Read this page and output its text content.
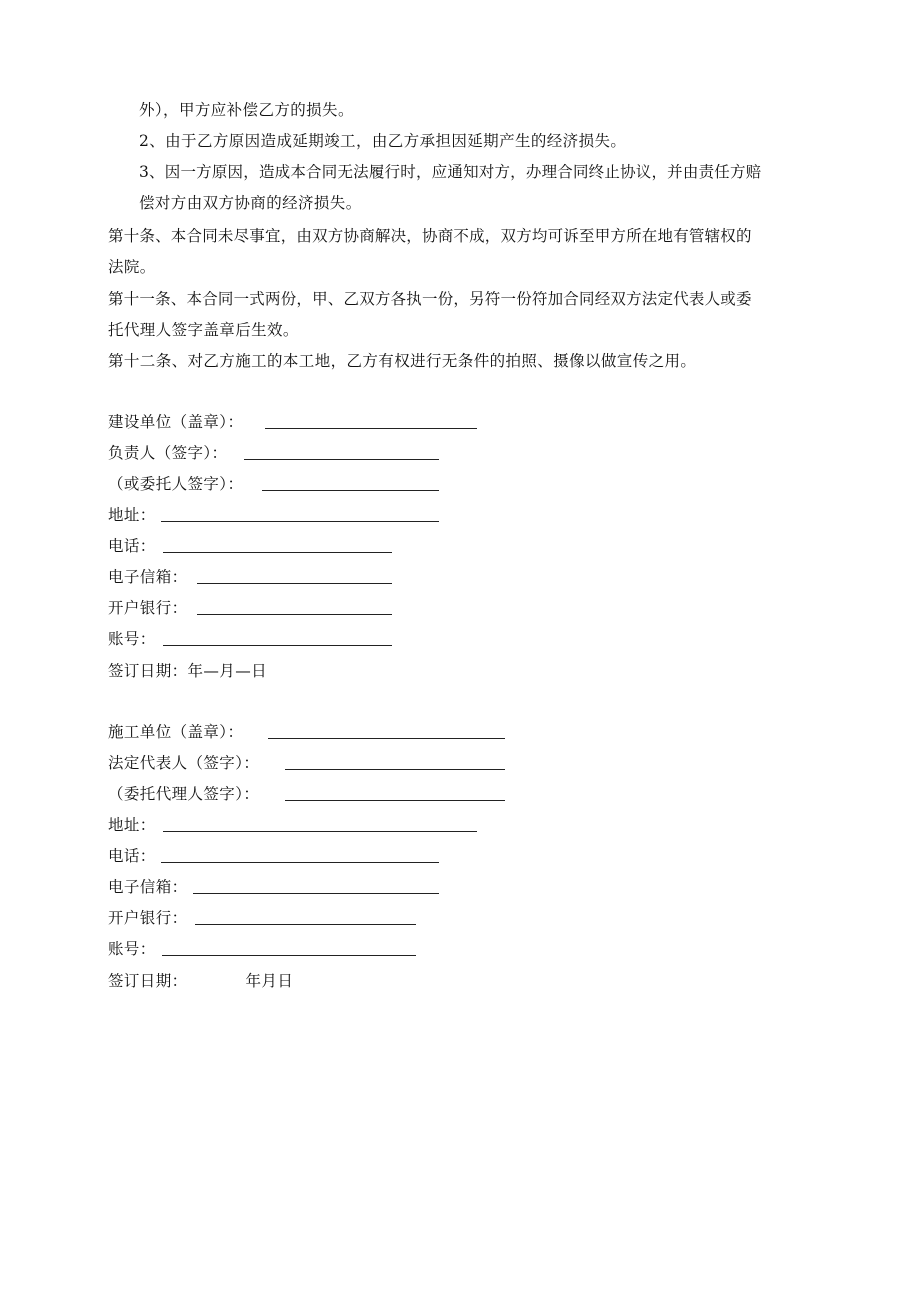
外），甲方应补偿乙方的损失。
2、由于乙方原因造成延期竣工，由乙方承担因延期产生的经济损失。
3、因一方原因，造成本合同无法履行时，应通知对方，办理合同终止协议，并由责任方赔
偿对方由双方协商的经济损失。
第十条、本合同未尽事宜，由双方协商解决，协商不成，双方均可诉至甲方所在地有管辖权的
法院。
第十一条、本合同一式两份，甲、乙双方各执一份，另符一份符加合同经双方法定代表人或委
托代理人签字盖章后生效。
第十二条、对乙方施工的本工地，乙方有权进行无条件的拍照、摄像以做宣传之用。
建设单位（盖章）：
负责人（签字）：
（或委托人签字）：
地址：
电话：
电子信箱：
开户银行：
账号：
签订日期：年—月—日
施工单位（盖章）：
法定代表人（签字）：
（委托代理人签字）：
地址：
电话：
电子信箱：
开户银行：
账号：
签订日期：	年月日
